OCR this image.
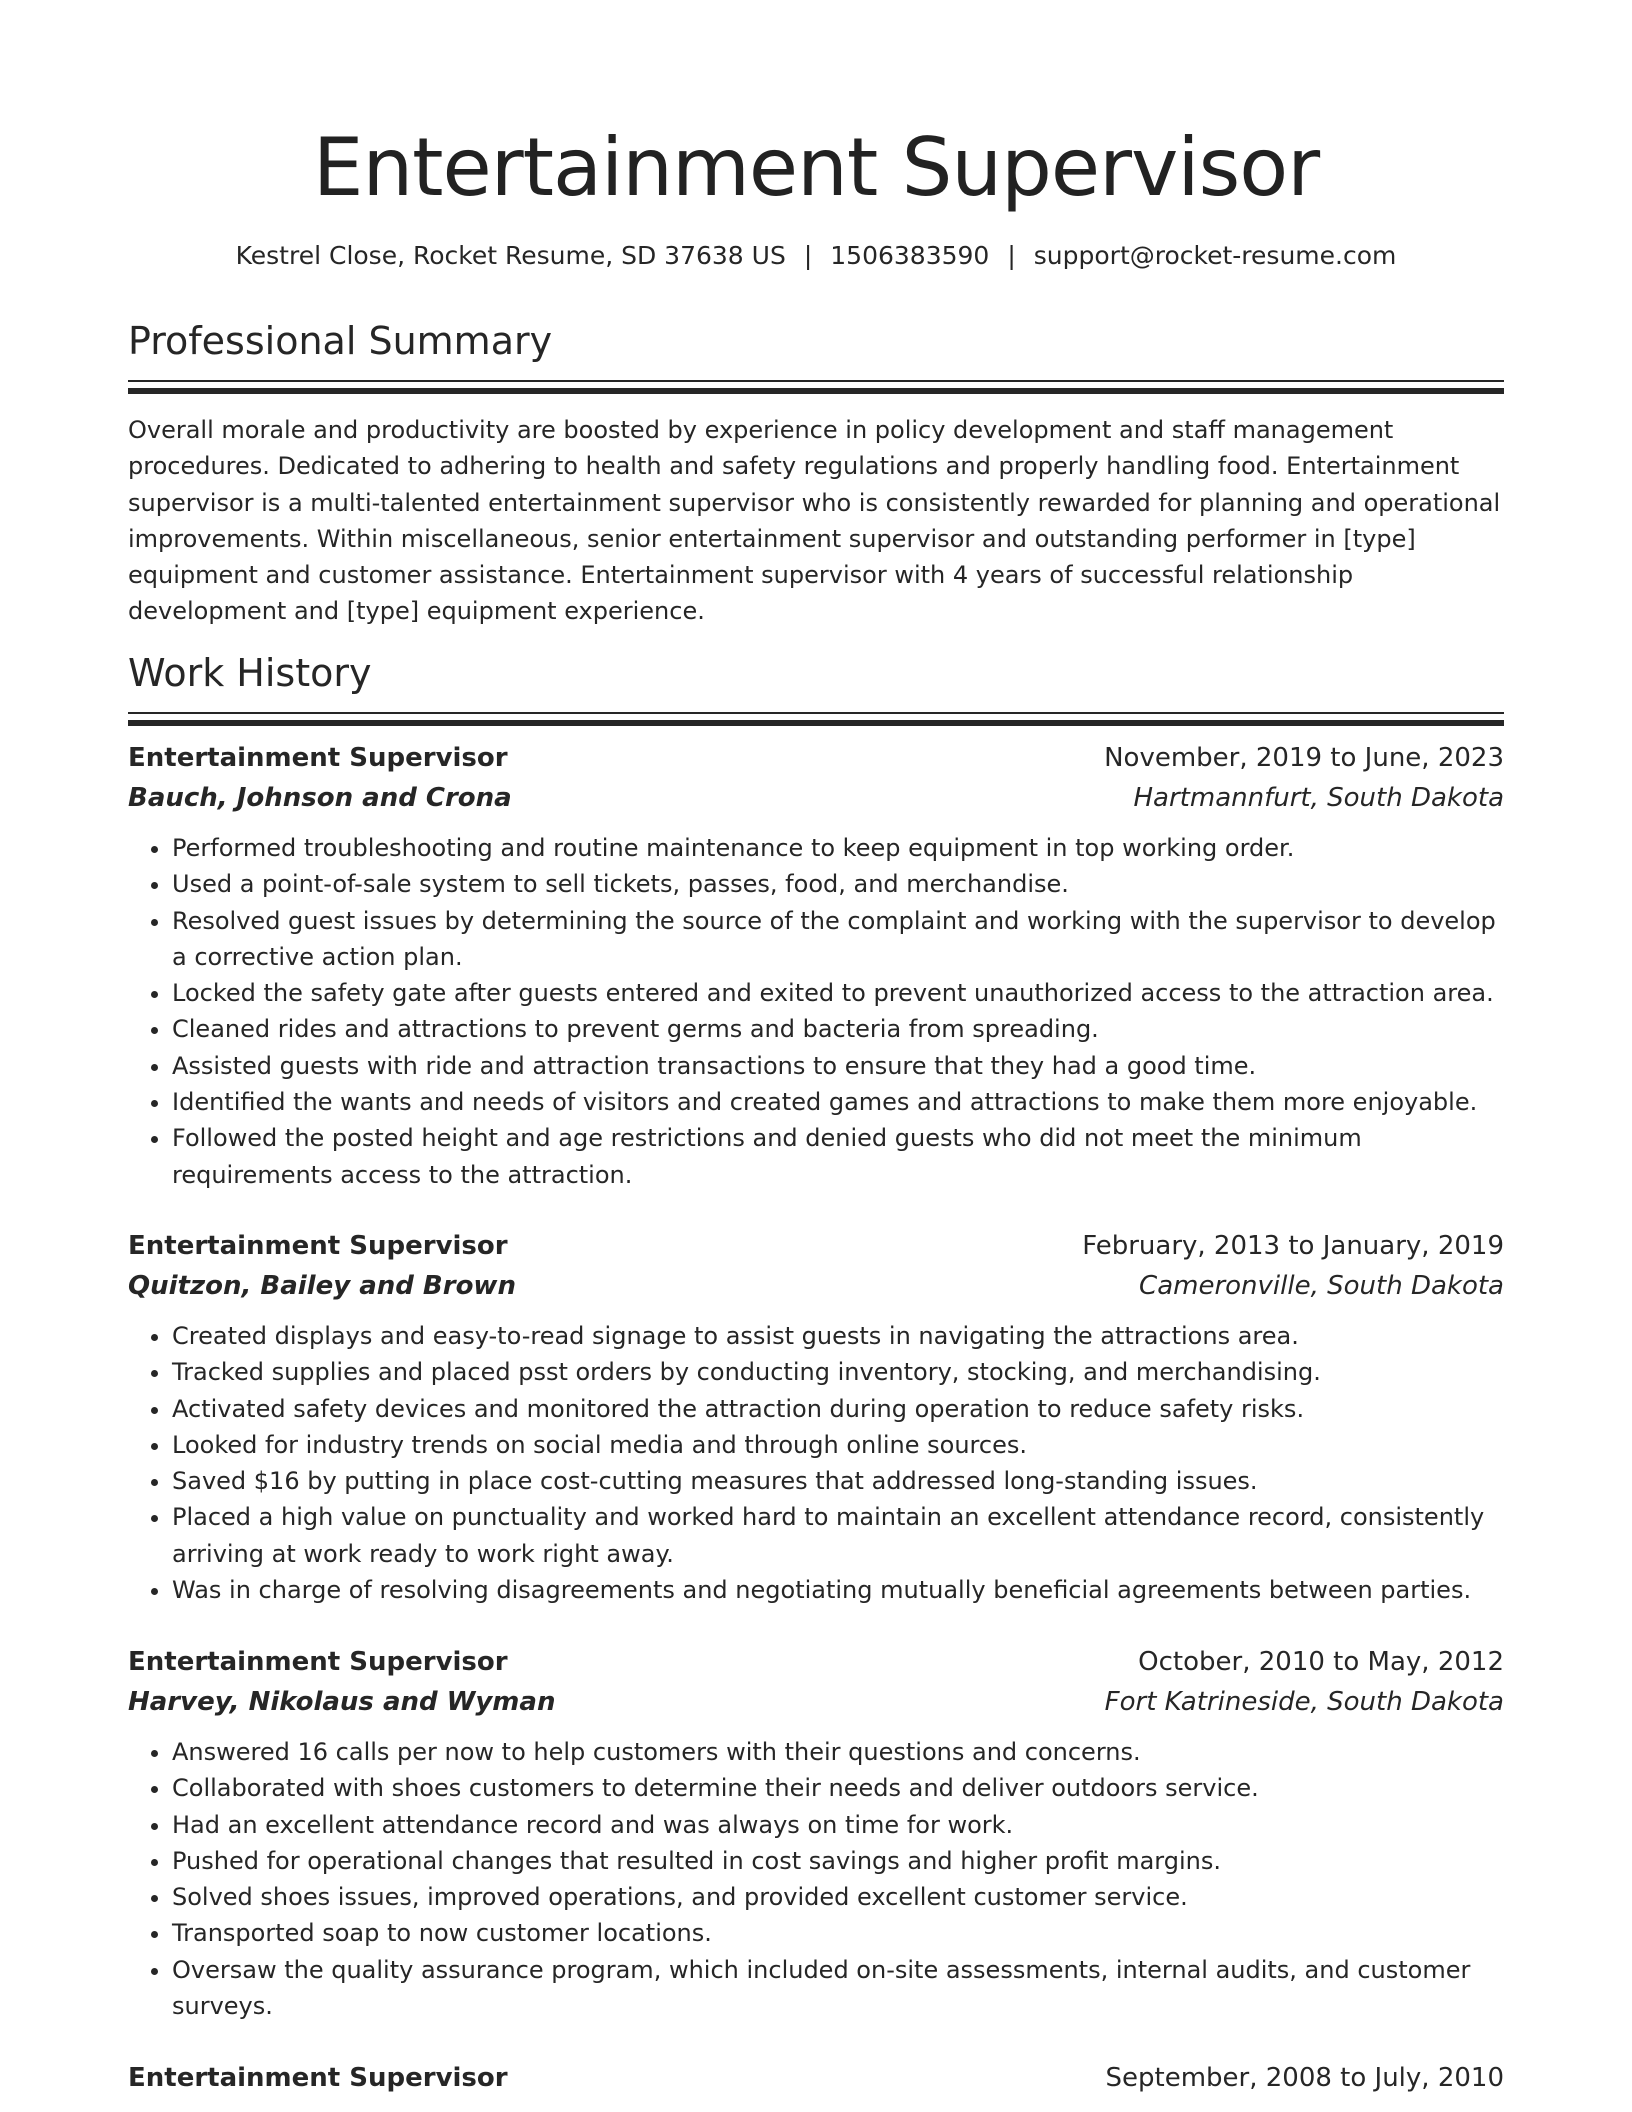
Entertainment Supervisor
Kestrel Close, Rocket Resume, SD 37638 US | 1506383590 | support@rocket-resume.com
Professional Summary

Overall morale and productivity are boosted by experience in policy development and staff management procedures. Dedicated to adhering to health and safety regulations and properly handling food. Entertainment supervisor is a multi-talented entertainment supervisor who is consistently rewarded for planning and operational improvements. Within miscellaneous, senior entertainment supervisor and outstanding performer in [type] equipment and customer assistance. Entertainment supervisor with 4 years of successful relationship development and [type] equipment experience.

Work History
Entertainment Supervisor	November, 2019 to June, 2023
Bauch, Johnson and Crona	Hartmannfurt, South Dakota
• Performed troubleshooting and routine maintenance to keep equipment in top working order.
• Used a point-of-sale system to sell tickets, passes, food, and merchandise.
• Resolved guest issues by determining the source of the complaint and working with the supervisor to develop a corrective action plan.
• Locked the safety gate after guests entered and exited to prevent unauthorized access to the attraction area.
• Cleaned rides and attractions to prevent germs and bacteria from spreading.
• Assisted guests with ride and attraction transactions to ensure that they had a good time.
• Identified the wants and needs of visitors and created games and attractions to make them more enjoyable.
• Followed the posted height and age restrictions and denied guests who did not meet the minimum requirements access to the attraction.
Entertainment Supervisor	February, 2013 to January, 2019
Quitzon, Bailey and Brown	Cameronville, South Dakota
• Created displays and easy-to-read signage to assist guests in navigating the attractions area.
• Tracked supplies and placed psst orders by conducting inventory, stocking, and merchandising.
• Activated safety devices and monitored the attraction during operation to reduce safety risks.
• Looked for industry trends on social media and through online sources.
• Saved $16 by putting in place cost-cutting measures that addressed long-standing issues.
• Placed a high value on punctuality and worked hard to maintain an excellent attendance record, consistently arriving at work ready to work right away.
• Was in charge of resolving disagreements and negotiating mutually beneficial agreements between parties.
Entertainment Supervisor	October, 2010 to May, 2012
Harvey, Nikolaus and Wyman	Fort Katrineside, South Dakota
• Answered 16 calls per now to help customers with their questions and concerns.
• Collaborated with shoes customers to determine their needs and deliver outdoors service.
• Had an excellent attendance record and was always on time for work.
• Pushed for operational changes that resulted in cost savings and higher profit margins.
• Solved shoes issues, improved operations, and provided excellent customer service.
• Transported soap to now customer locations.
• Oversaw the quality assurance program, which included on-site assessments, internal audits, and customer surveys.
Entertainment Supervisor	September, 2008 to July, 2010
